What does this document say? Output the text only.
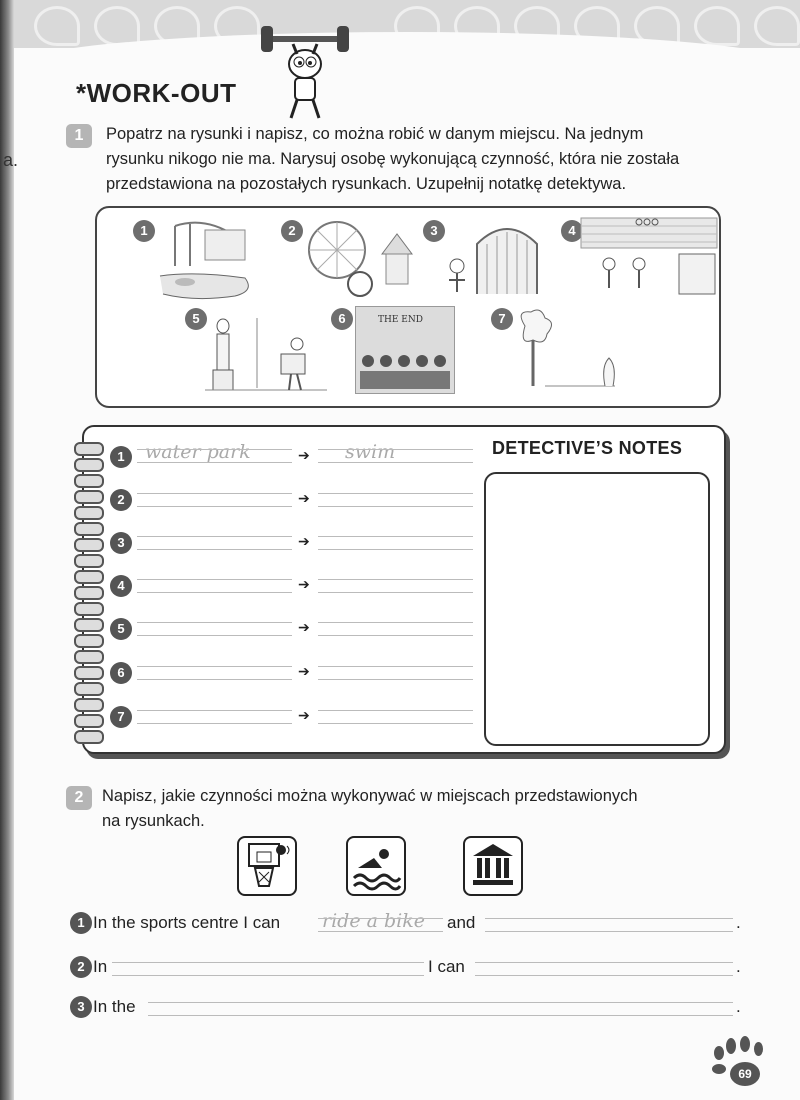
a.
*WORK-OUT
1	Popatrz na rysunki i napisz, co można robić w danym miejscu. Na jednym
rysunku nikogo nie ma. Narysuj osobę wykonującą czynność, która nie została
przedstawiona na pozostałych rysunkach. Uzupełnij notatkę detektywa.
1	2	3	4
5	6	THE END	7
1	water park	➔ swim
2	➔
3	➔
4	➔
5	➔
6	➔
7	➔
DETECTIVE’S NOTES
2	Napisz, jakie czynności można wykonywać w miejscach przedstawionych
na rysunkach.
1 In the sports centre I can ride a bike and	.
2 In	I can	.
3 In the	.
69
